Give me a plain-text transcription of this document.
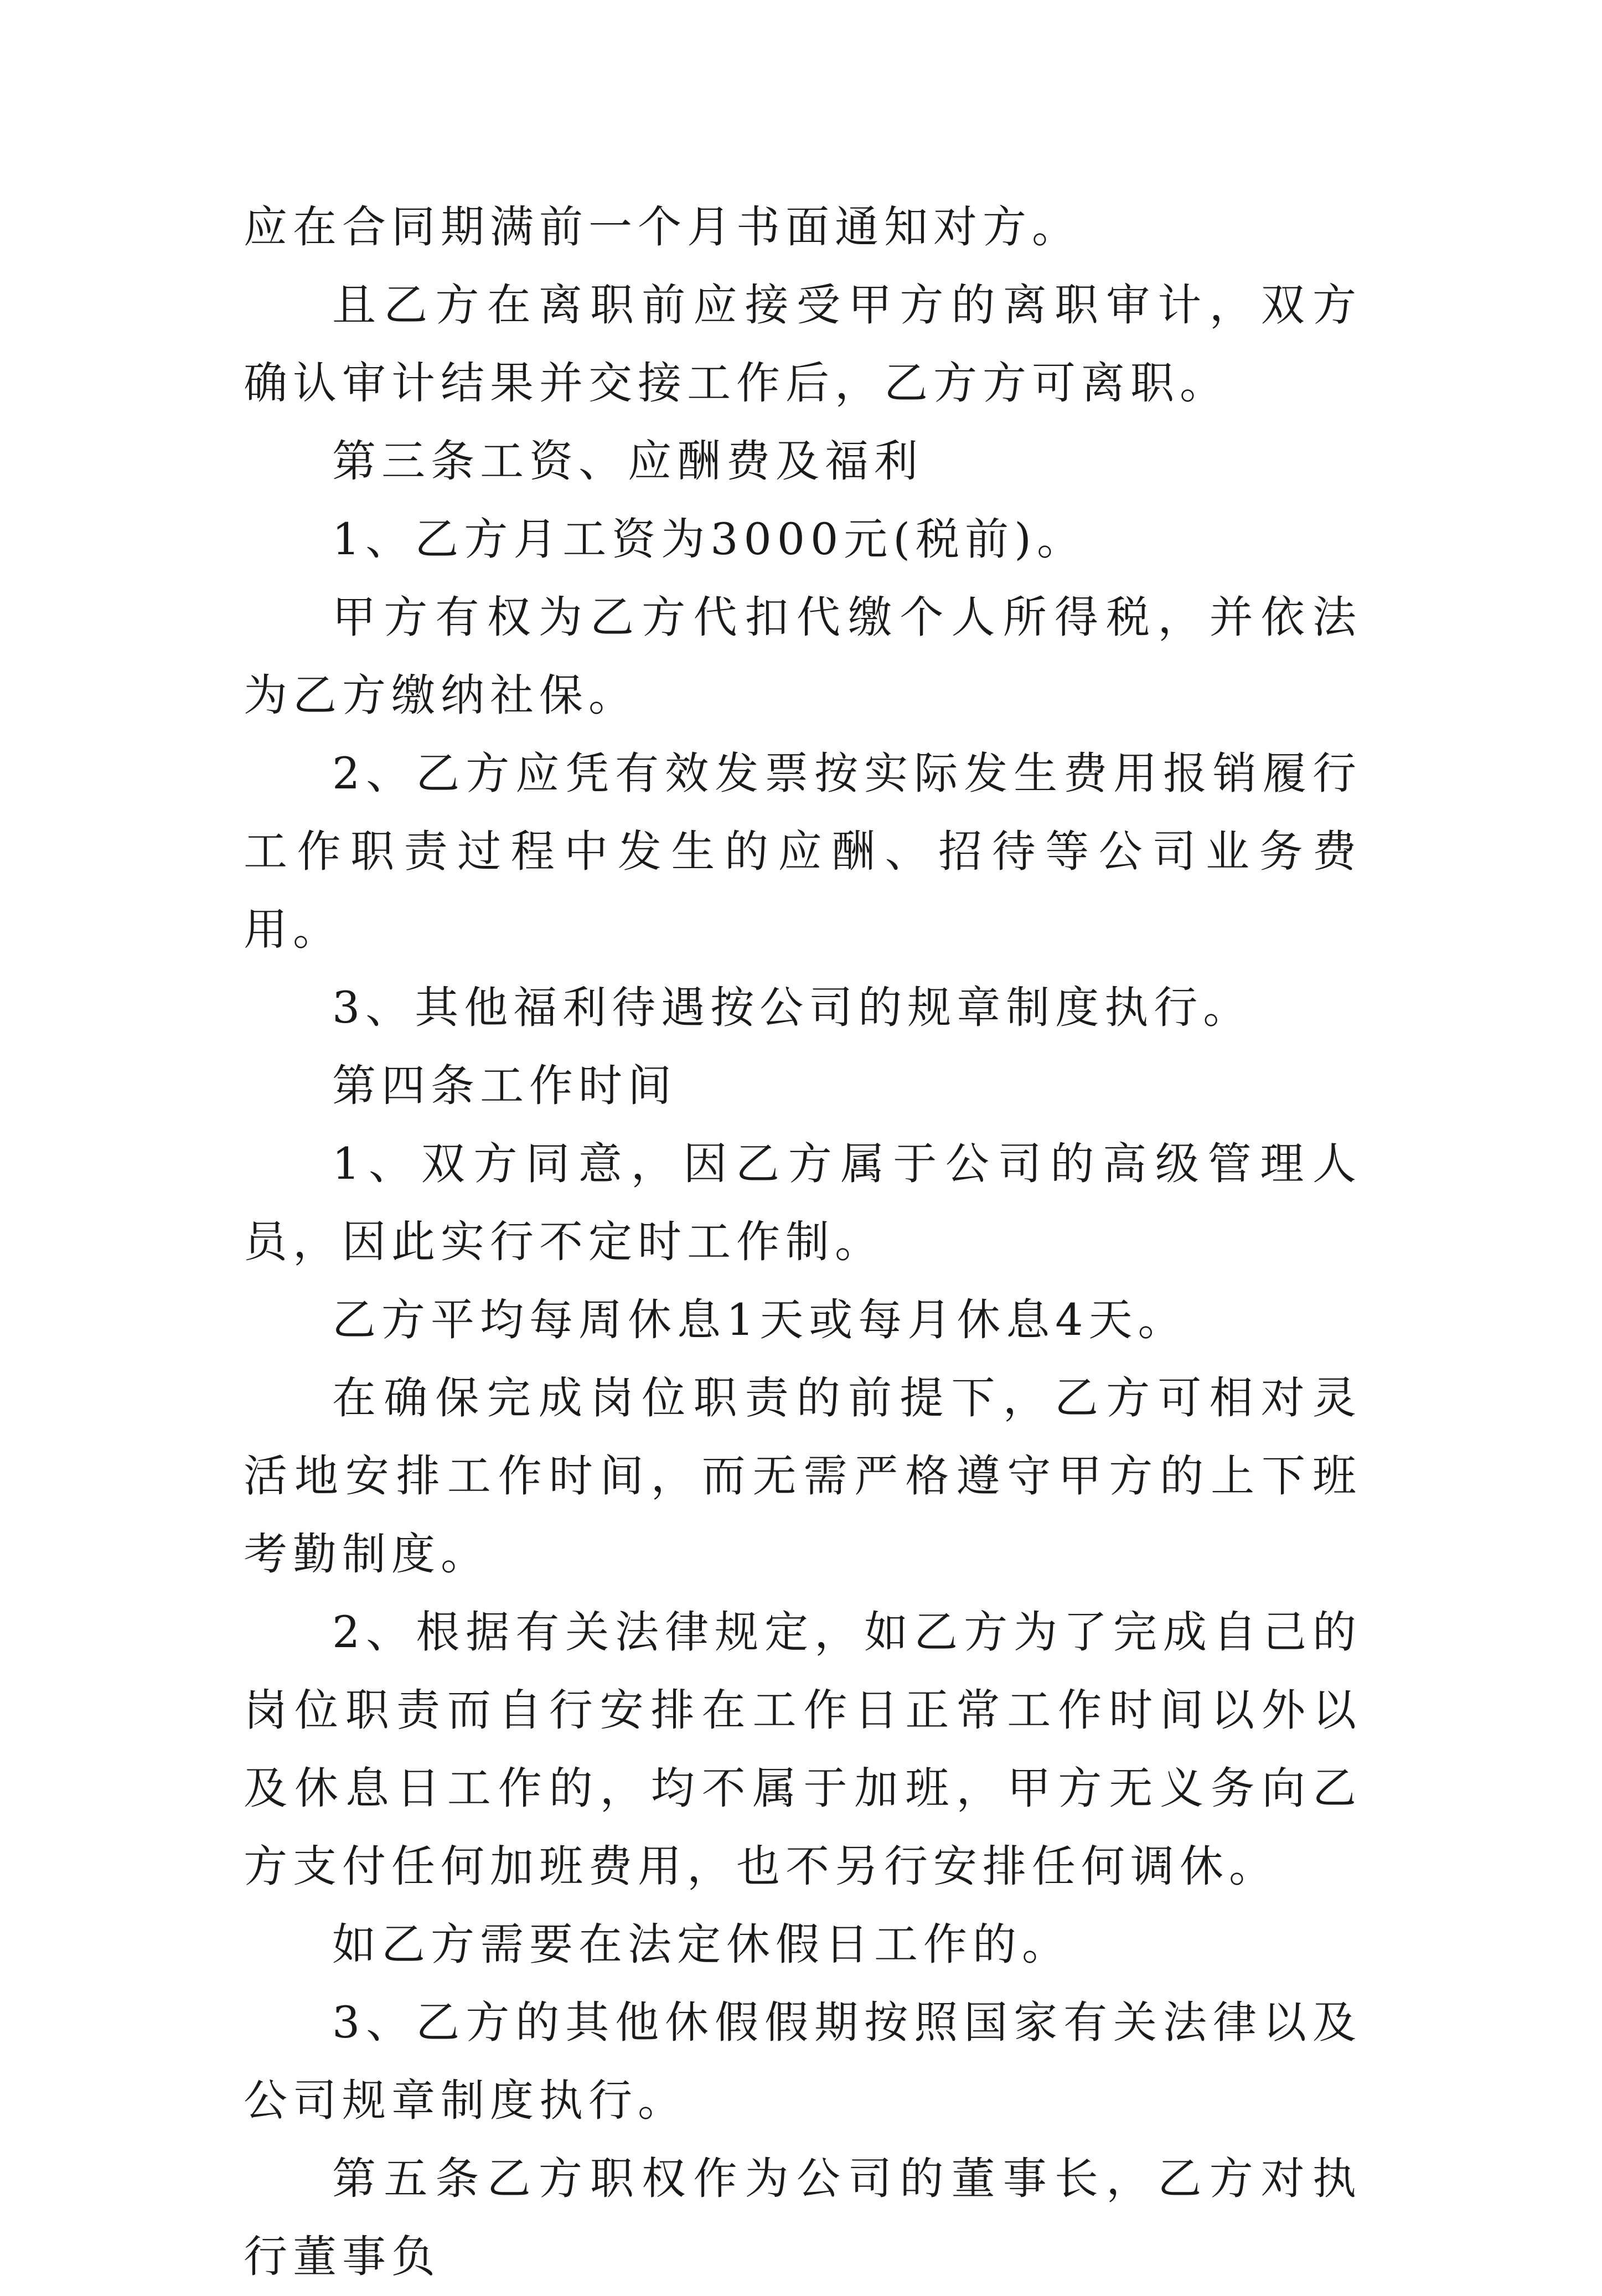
应在合同期满前一个月书面通知对方。

且乙方在离职前应接受甲方的离职审计，双方确认审计结果并交接工作后，乙方方可离职。

第三条工资、应酬费及福利

1、乙方月工资为3000元(税前)。

甲方有权为乙方代扣代缴个人所得税，并依法为乙方缴纳社保。

2、乙方应凭有效发票按实际发生费用报销履行工作职责过程中发生的应酬、招待等公司业务费用。

3、其他福利待遇按公司的规章制度执行。

第四条工作时间

1、双方同意，因乙方属于公司的高级管理人员，因此实行不定时工作制。

乙方平均每周休息1天或每月休息4天。

在确保完成岗位职责的前提下，乙方可相对灵活地安排工作时间，而无需严格遵守甲方的上下班考勤制度。

2、根据有关法律规定，如乙方为了完成自己的岗位职责而自行安排在工作日正常工作时间以外以及休息日工作的，均不属于加班，甲方无义务向乙方支付任何加班费用，也不另行安排任何调休。

如乙方需要在法定休假日工作的。

3、乙方的其他休假假期按照国家有关法律以及公司规章制度执行。

第五条乙方职权作为公司的董事长，乙方对执行董事负
